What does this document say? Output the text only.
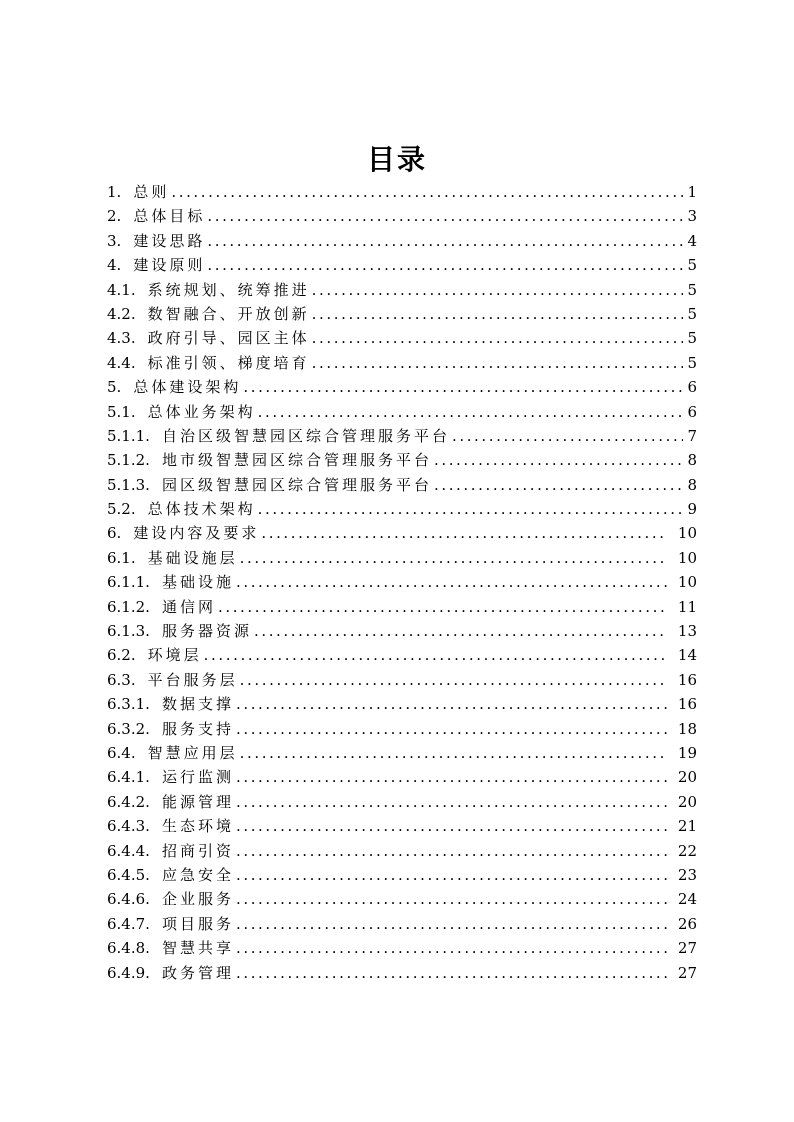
目录
1. 总则 .....	1
2. 总体目标 .....	3
3. 建设思路 .....	4
4. 建设原则 .....	5
4.1. 系统规划、统筹推进 .....	5
4.2. 数智融合、开放创新 .....	5
4.3. 政府引导、园区主体 .....	5
4.4. 标准引领、梯度培育 .....	5
5. 总体建设架构 .....	6
5.1. 总体业务架构 .....	6
5.1.1. 自治区级智慧园区综合管理服务平台 .....	7
5.1.2. 地市级智慧园区综合管理服务平台 .....	8
5.1.3. 园区级智慧园区综合管理服务平台 .....	8
5.2. 总体技术架构 .....	9
6. 建设内容及要求 .....	10
6.1. 基础设施层 .....	10
6.1.1. 基础设施 .....	10
6.1.2. 通信网 .....	11
6.1.3. 服务器资源 .....	13
6.2. 环境层 .....	14
6.3. 平台服务层 .....	16
6.3.1. 数据支撑 .....	16
6.3.2. 服务支持 .....	18
6.4. 智慧应用层 .....	19
6.4.1. 运行监测 .....	20
6.4.2. 能源管理 .....	20
6.4.3. 生态环境 .....	21
6.4.4. 招商引资 .....	22
6.4.5. 应急安全 .....	23
6.4.6. 企业服务 .....	24
6.4.7. 项目服务 .....	26
6.4.8. 智慧共享 .....	27
6.4.9. 政务管理 .....	27
